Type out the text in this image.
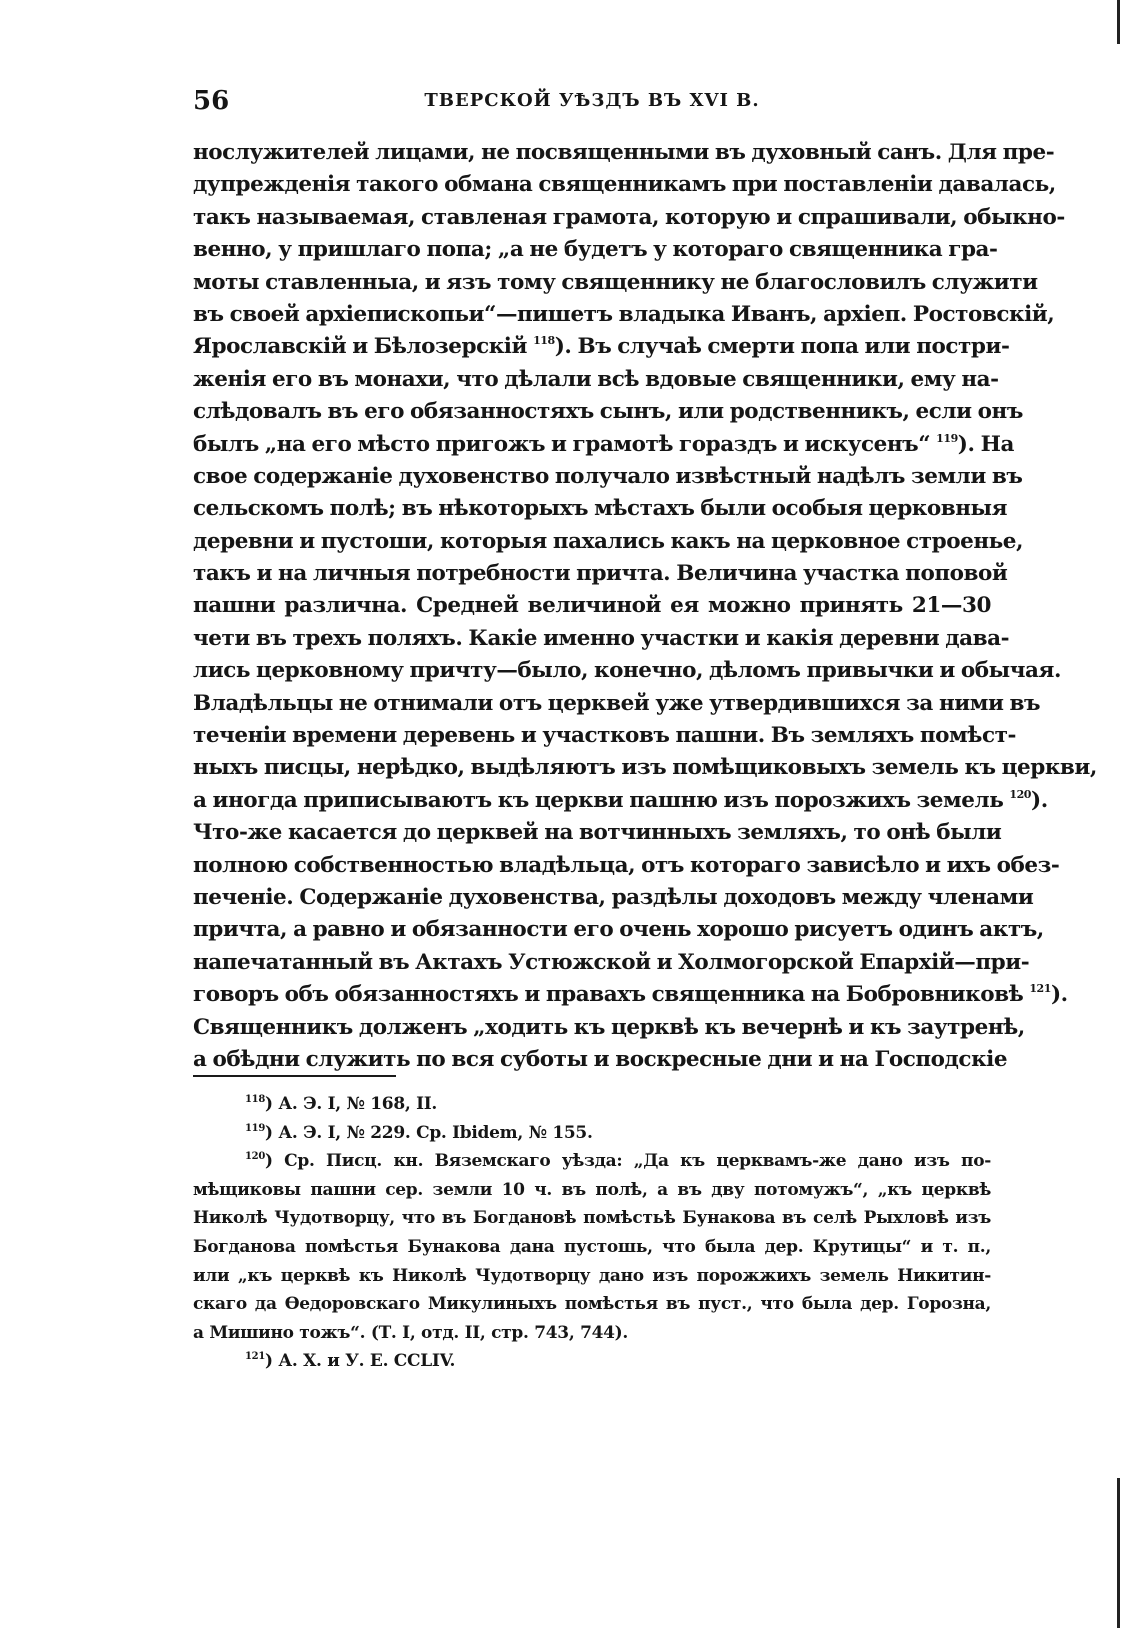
56	ТВЕРСКОЙ УѢЗДЪ ВЪ XVI В.
нослужителей лицами, не посвященными въ духовный санъ. Для пре-
дупрежденія такого обмана священникамъ при поставленіи давалась,
такъ называемая, ставленая грамота, которую и спрашивали, обыкно-
венно, у пришлаго попа; „а не будетъ у котораго священника гра-
моты ставленныа, и язъ тому священнику не благословилъ служити
въ своей архіепископьи“—пишетъ владыка Иванъ, архіеп. Ростовскій,
Ярославскій и Бѣлозерскій $^{118}$). Въ случаѣ смерти попа или постри-
женія его въ монахи, что дѣлали всѣ вдовые священники, ему на-
слѣдовалъ въ его обязанностяхъ сынъ, или родственникъ, если онъ
былъ „на его мѣсто пригожъ и грамотѣ гораздъ и искусенъ“ $^{119}$). На
свое содержаніе духовенство получало извѣстный надѣлъ земли въ
сельскомъ полѣ; въ нѣкоторыхъ мѣстахъ были особыя церковныя
деревни и пустоши, которыя пахались какъ на церковное строенье,
такъ и на личныя потребности причта. Величина участка поповой
пашни различна. Средней величиной ея можно принять 21—30
чети въ трехъ поляхъ. Какіе именно участки и какія деревни дава-
лись церковному причту—было, конечно, дѣломъ привычки и обычая.
Владѣльцы не отнимали отъ церквей уже утвердившихся за ними въ
теченіи времени деревень и участковъ пашни. Въ земляхъ помѣст-
ныхъ писцы, нерѣдко, выдѣляютъ изъ помѣщиковыхъ земель къ церкви,
а иногда приписываютъ къ церкви пашню изъ порозжихъ земель $^{120}$).
Что-же касается до церквей на вотчинныхъ земляхъ, то онѣ были
полною собственностью владѣльца, отъ котораго зависѣло и ихъ обез-
печеніе. Содержаніе духовенства, раздѣлы доходовъ между членами
причта, а равно и обязанности его очень хорошо рисуетъ одинъ актъ,
напечатанный въ Актахъ Устюжской и Холмогорской Епархій—при-
говоръ объ обязанностяхъ и правахъ священника на Бобровниковѣ $^{121}$).
Священникъ долженъ „ходить къ церквѣ къ вечернѣ и къ заутренѣ,
а обѣдни служить по вся суботы и воскресные дни и на Господскіе
$^{118}$) А. Э. I, № 168, II.
$^{119}$) А. Э. I, № 229. Ср. Ibidem, № 155.
$^{120}$) Ср. Писц. кн. Вяземскаго уѣзда: „Да къ церквамъ-же дано изъ по-
мѣщиковы пашни сер. земли 10 ч. въ полѣ, а въ дву потомужъ“, „къ церквѣ
Николѣ Чудотворцу, что въ Богдановѣ помѣстьѣ Бунакова въ селѣ Рыхловѣ изъ
Богданова помѣстья Бунакова дана пустошь, что была дер. Крутицы“ и т. п.,
или „къ церквѣ къ Николѣ Чудотворцу дано изъ порожжихъ земель Никитин-
скаго да Ѳедоровскаго Микулиныхъ помѣстья въ пуст., что была дер. Горозна,
а Мишино тожъ“. (Т. I, отд. II, стр. 743, 744).
$^{121}$) А. Х. и У. Е. CCLIV.
